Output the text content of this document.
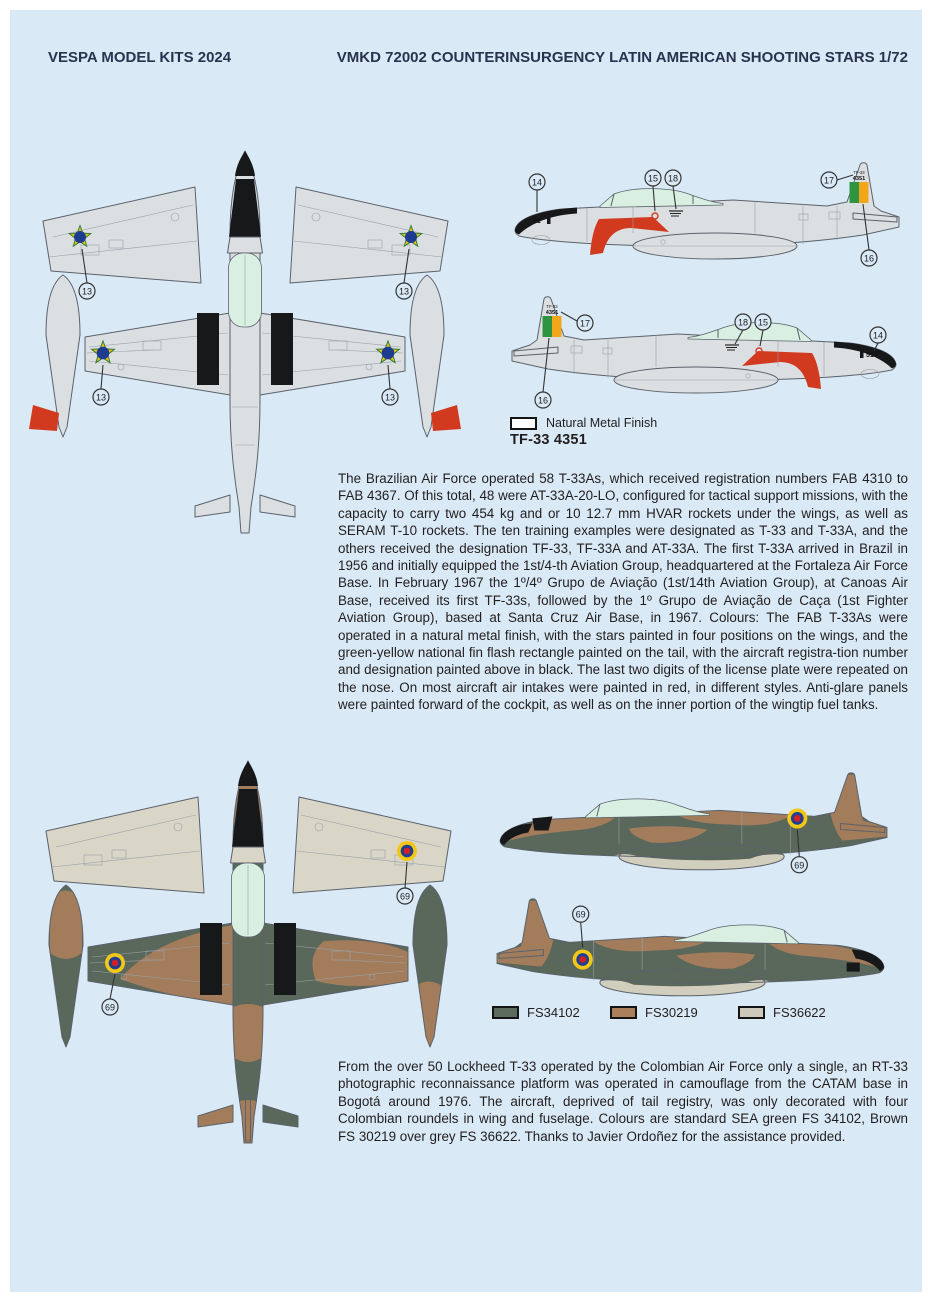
VESPA MODEL KITS 2024	VMKD 72002 COUNTERINSURGENCY LATIN AMERICAN SHOOTING STARS 1/72
13	13
13	13
51
TF-33
4351
14	15 18	17
16
51
TF-33
4351
17	18 15
14
16
Natural Metal Finish
TF-33 4351
The Brazilian Air Force operated 58 T-33As, which received registration numbers FAB 4310 to FAB 4367. Of this total, 48 were AT-33A-20-LO, configured for tactical support missions, with the capacity to carry two 454 kg and or 10 12.7 mm HVAR rockets under the wings, as well as SERAM T-10 rockets. The ten training examples were designated as T-33 and T-33A, and the others received the designation TF-33, TF-33A and AT-33A. The first T-33A arrived in Brazil in 1956 and initially equipped the 1st/4-th Aviation Group, headquartered at the Fortaleza Air Force Base. In February 1967 the 1º/4º Grupo de Aviação (1st/14th Aviation Group), at Canoas Air Base, received its first TF-33s, followed by the 1º Grupo de Aviação de Caça (1st Fighter Aviation Group), based at Santa Cruz Air Base, in 1967. Colours: The FAB T-33As were operated in a natural metal finish, with the stars painted in four positions on the wings, and the green-yellow national fin flash rectangle painted on the tail, with the aircraft registra-tion number and designation painted above in black. The last two digits of the license plate were repeated on the nose. On most aircraft air intakes were painted in red, in different styles. Anti-glare panels were painted forward of the cockpit, as well as on the inner portion of the wingtip fuel tanks.
69
69
69
69
FS34102	FS30219	FS36622
From the over 50 Lockheed T-33 operated by the Colombian Air Force only a single, an RT-33 photographic reconnaissance platform was operated in camouflage from the CATAM base in Bogotá around 1976. The aircraft, deprived of tail registry, was only decorated with four Colombian roundels in wing and fuselage. Colours are standard SEA green FS 34102, Brown FS 30219 over grey FS 36622. Thanks to Javier Ordoñez for the assistance provided.
